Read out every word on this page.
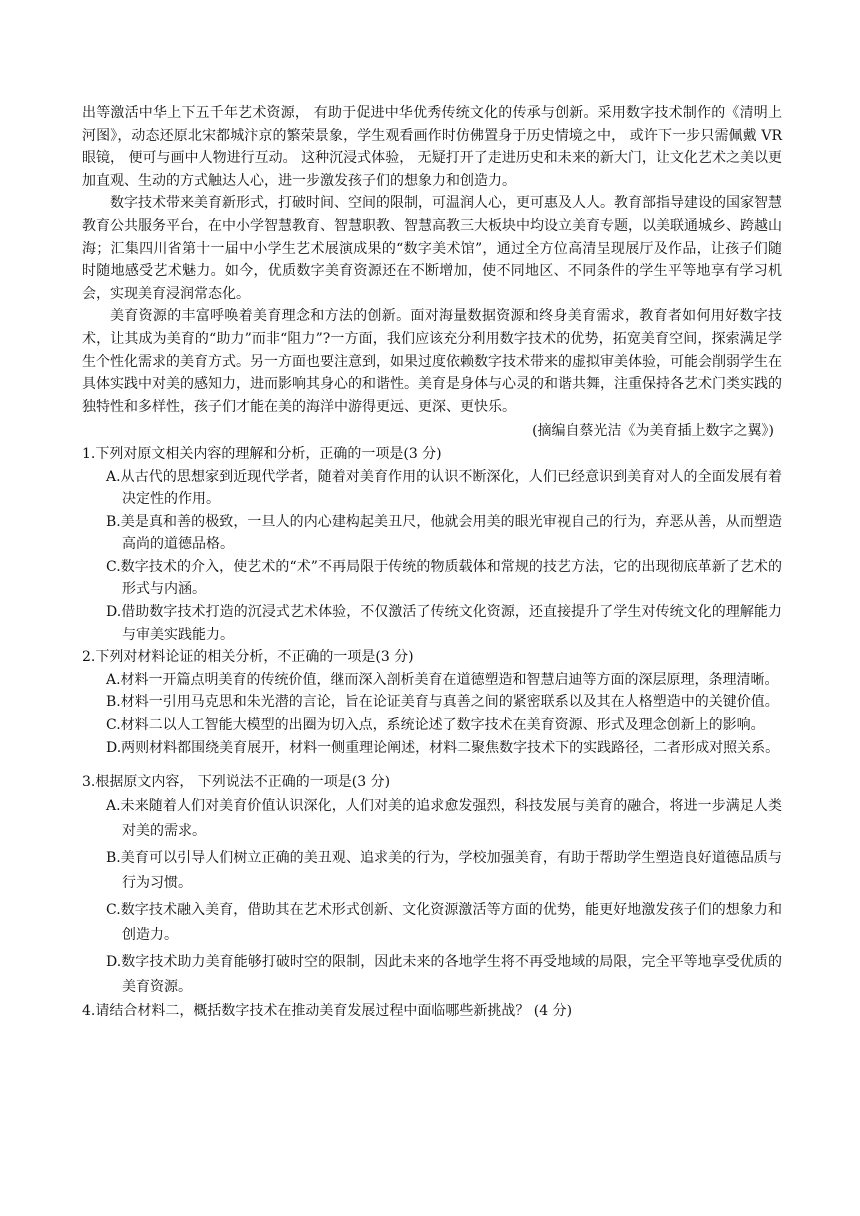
出等激活中华上下五千年艺术资源， 有助于促进中华优秀传统文化的传承与创新。采用数字技术制作的《清明上河图》，动态还原北宋都城汴京的繁荣景象，学生观看画作时仿佛置身于历史情境之中， 或许下一步只需佩戴 VR 眼镜， 便可与画中人物进行互动。 这种沉浸式体验， 无疑打开了走进历史和未来的新大门，让文化艺术之美以更加直观、生动的方式触达人心，进一步激发孩子们的想象力和创造力。

数字技术带来美育新形式，打破时间、空间的限制，可温润人心，更可惠及人人。教育部指导建设的国家智慧教育公共服务平台，在中小学智慧教育、智慧职教、智慧高教三大板块中均设立美育专题，以美联通城乡、跨越山海；汇集四川省第十一届中小学生艺术展演成果的“数字美术馆”，通过全方位高清呈现展厅及作品，让孩子们随时随地感受艺术魅力。如今，优质数字美育资源还在不断增加，使不同地区、不同条件的学生平等地享有学习机会，实现美育浸润常态化。

美育资源的丰富呼唤着美育理念和方法的创新。面对海量数据资源和终身美育需求，教育者如何用好数字技术，让其成为美育的“助力”而非“阻力”?一方面，我们应该充分利用数字技术的优势，拓宽美育空间，探索满足学生个性化需求的美育方式。另一方面也要注意到，如果过度依赖数字技术带来的虚拟审美体验，可能会削弱学生在具体实践中对美的感知力，进而影响其身心的和谐性。美育是身体与心灵的和谐共舞，注重保持各艺术门类实践的独特性和多样性，孩子们才能在美的海洋中游得更远、更深、更快乐。

(摘编自蔡光洁《为美育插上数字之翼》)

1.下列对原文相关内容的理解和分析，正确的一项是(3 分)

A.从古代的思想家到近现代学者，随着对美育作用的认识不断深化，人们已经意识到美育对人的全面发展有着决定性的作用。

B.美是真和善的极致，一旦人的内心建构起美丑尺，他就会用美的眼光审视自己的行为，弃恶从善，从而塑造高尚的道德品格。

C.数字技术的介入，使艺术的“术”不再局限于传统的物质载体和常规的技艺方法，它的出现彻底革新了艺术的形式与内涵。

D.借助数字技术打造的沉浸式艺术体验，不仅激活了传统文化资源，还直接提升了学生对传统文化的理解能力与审美实践能力。

2.下列对材料论证的相关分析，不正确的一项是(3 分)

A.材料一开篇点明美育的传统价值，继而深入剖析美育在道德塑造和智慧启迪等方面的深层原理，条理清晰。

B.材料一引用马克思和朱光潜的言论，旨在论证美育与真善之间的紧密联系以及其在人格塑造中的关键价值。

C.材料二以人工智能大模型的出圈为切入点，系统论述了数字技术在美育资源、形式及理念创新上的影响。

D.两则材料都围绕美育展开，材料一侧重理论阐述，材料二聚焦数字技术下的实践路径，二者形成对照关系。

3.根据原文内容， 下列说法不正确的一项是(3 分)

A.未来随着人们对美育价值认识深化，人们对美的追求愈发强烈，科技发展与美育的融合，将进一步满足人类对美的需求。

B.美育可以引导人们树立正确的美丑观、追求美的行为，学校加强美育，有助于帮助学生塑造良好道德品质与行为习惯。

C.数字技术融入美育，借助其在艺术形式创新、文化资源激活等方面的优势，能更好地激发孩子们的想象力和创造力。

D.数字技术助力美育能够打破时空的限制，因此未来的各地学生将不再受地域的局限，完全平等地享受优质的美育资源。

4.请结合材料二，概括数字技术在推动美育发展过程中面临哪些新挑战？ (4 分)
